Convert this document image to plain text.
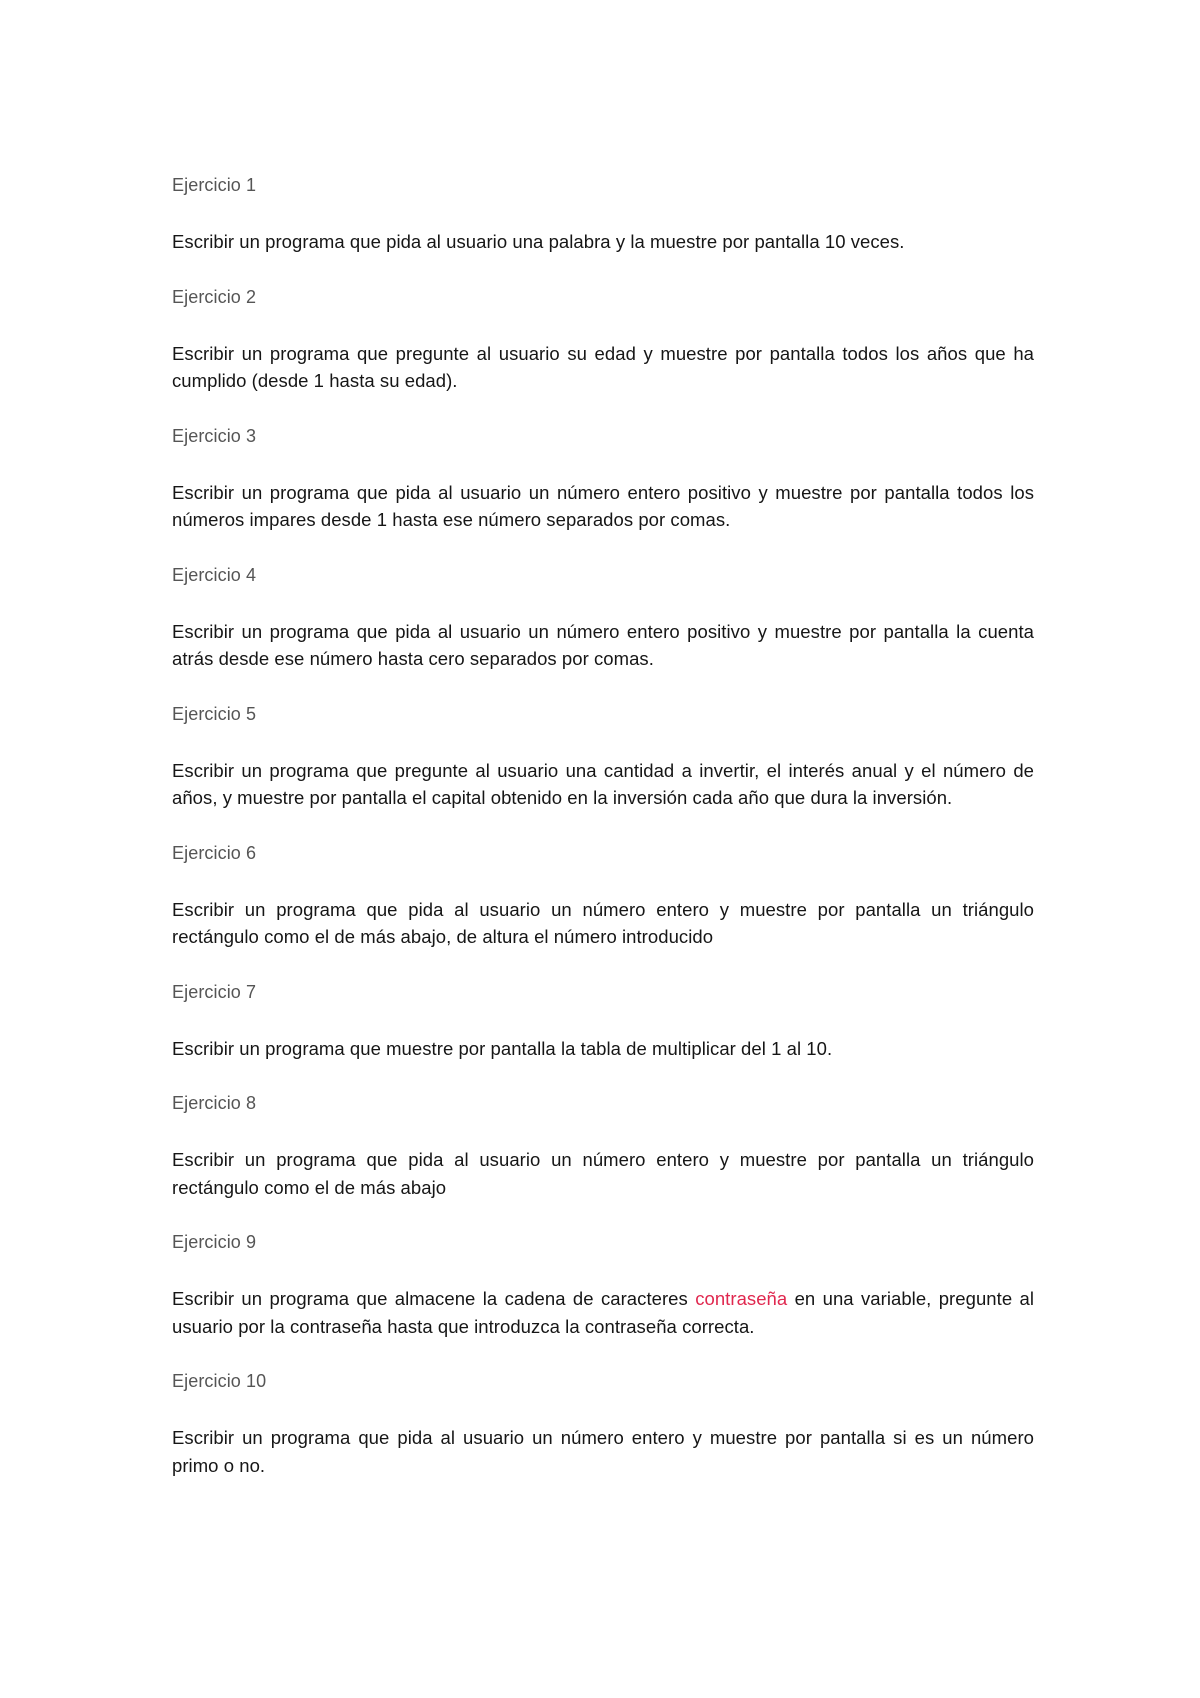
Ejercicio 1

Escribir un programa que pida al usuario una palabra y la muestre por pantalla 10 veces.

Ejercicio 2

Escribir un programa que pregunte al usuario su edad y muestre por pantalla todos los años que ha cumplido (desde 1 hasta su edad).

Ejercicio 3

Escribir un programa que pida al usuario un número entero positivo y muestre por pantalla todos los números impares desde 1 hasta ese número separados por comas.

Ejercicio 4

Escribir un programa que pida al usuario un número entero positivo y muestre por pantalla la cuenta atrás desde ese número hasta cero separados por comas.

Ejercicio 5

Escribir un programa que pregunte al usuario una cantidad a invertir, el interés anual y el número de años, y muestre por pantalla el capital obtenido en la inversión cada año que dura la inversión.

Ejercicio 6

Escribir un programa que pida al usuario un número entero y muestre por pantalla un triángulo rectángulo como el de más abajo, de altura el número introducido

Ejercicio 7

Escribir un programa que muestre por pantalla la tabla de multiplicar del 1 al 10.

Ejercicio 8

Escribir un programa que pida al usuario un número entero y muestre por pantalla un triángulo rectángulo como el de más abajo

Ejercicio 9

Escribir un programa que almacene la cadena de caracteres contraseña en una variable, pregunte al usuario por la contraseña hasta que introduzca la contraseña correcta.

Ejercicio 10

Escribir un programa que pida al usuario un número entero y muestre por pantalla si es un número primo o no.
